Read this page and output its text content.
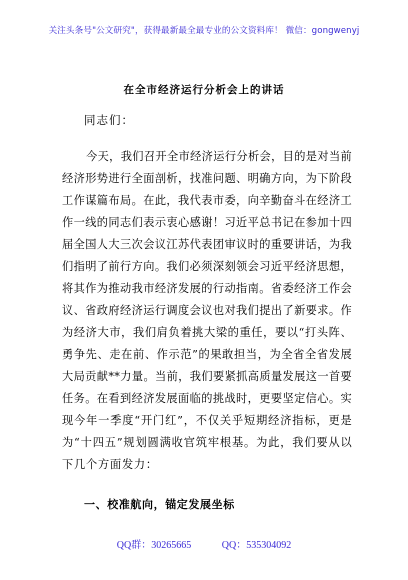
关注头条号"公文研究"，获得最新最全最专业的公文资料库！ 微信：gongwenyj
在全市经济运行分析会上的讲话
同志们：
今天，我们召开全市经济运行分析会，目的是对当前
经济形势进行全面剖析，找准问题、明确方向，为下阶段
工作谋篇布局。在此，我代表市委，向辛勤奋斗在经济工
作一线的同志们表示衷心感谢！习近平总书记在参加十四
届全国人大三次会议江苏代表团审议时的重要讲话，为我
们指明了前行方向。我们必须深刻领会习近平经济思想，
将其作为推动我市经济发展的行动指南。省委经济工作会
议、省政府经济运行调度会议也对我们提出了新要求。作
为经济大市，我们肩负着挑大梁的重任，要以“打头阵、
勇争先、走在前、作示范”的果敢担当，为全省全省发展
大局贡献**力量。当前，我们要紧抓高质量发展这一首要
任务。在看到经济发展面临的挑战时，更要坚定信心。实
现今年一季度“开门红”，不仅关乎短期经济指标，更是
为“十四五”规划圆满收官筑牢根基。为此，我们要从以
下几个方面发力：
一、校准航向，锚定发展坐标
QQ群：30265665	QQ：535304092
